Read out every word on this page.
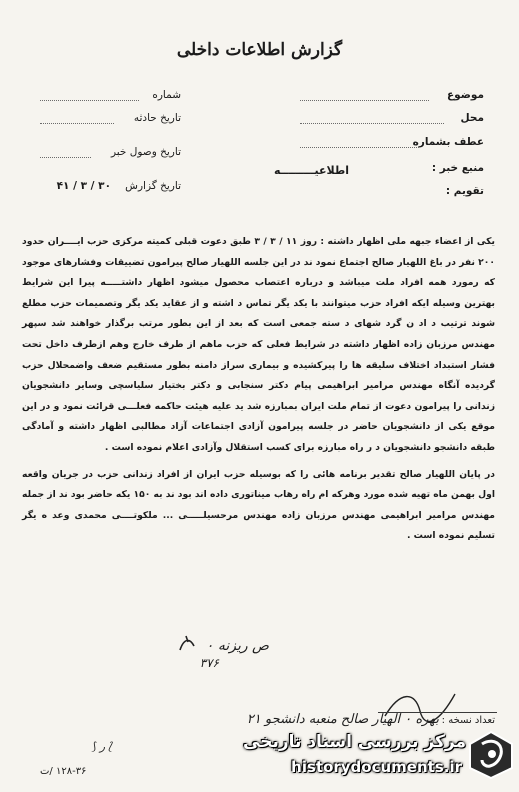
گزارش اطلاعات داخلی
موضوع
محل
عطف بشماره
منبع خبر :
اطلاعیـــــــــه
تقویم :
شماره
تاریخ حادثه
تاریخ وصول خبر
تاریخ گزارش
۳۰ / ۳ / ۴۱

یکی از اعضاء جبهه ملی اظهار داشته : روز ۱۱ / ۳ / ۳ طبق دعوت قبلی کمیته مرکزی حزب ایــــران حدود ۲۰۰ نفر در باغ اللهیار صالح اجتماع نمود ند در این جلسه اللهیار صالح پیرامون تضییقات وفشارهای موجود که رمورد همه افراد ملت میباشد و درباره اعتصاب محصول میشود اظهار داشتـــــه پیرا این شرایط بهترین وسیله ایکه افراد حزب میتوانند با یکد یگر تماس د اشته و از عقاید یکد یگر وتصمیمات حزب مطلع شوند ترتیب د اد ن گرد شهای د سته جمعی است که بعد از این بطور مرتب برگذار خواهند شد سپهر مهندس مرزبان زاده اظهار داشته در شرایط فعلی که حزب ماهم از طرف خارج وهم ازطرف داخل تحت فشار استبداد اختلاف سلیقه ها را پیرکشیده و بیماری سراز دامنه بطور مستقیم ضعف واضمحلال حزب گردیده آنگاه مهندس مرامیر ابراهیمی پیام دکتر سنجابی و دکتر بختیار سلیاسچی وسایر دانشجویان زندانی را پیرامون دعوت از تمام ملت ایران بمبارزه شد ید علیه هیئت حاکمه فعلـــی قرائت نمود و در این موقع یکی از دانشجویان حاضر در جلسه پیرامون آزادی اجتماعات آزاد مطالبی اظهار داشته و آمادگی طبقه دانشجو دانشجویان د ر راه مبارزه برای کسب استقلال وآزادی اعلام نموده است .

در پایان اللهیار صالح تقدیر برنامه هائی را که بوسیله حزب ایران از افراد زندانی حزب در جریان واقعه اول بهمن ماه تهیه شده مورد وهرکه ام راه رهاب میناتوری داده اند بود ند به ۱۵۰ یکه حاضر بود ند از جمله مهندس مرامیر ابراهیمی مهندس مرزبان زاده مهندس مرحسیلـــــی ... ملکوتــــی محمدی وعد ه یگر تسلیم نموده است .

ص ریزنه ۰
۳۷۶
بهره ۰ الهیار صالح منعبه دانشجو ۲۱ تعداد نسخه :
⟆ ر ⟅
۱۲۸-۳۶ /ت
مرکز بررسی اسناد تاریخی
historydocuments.ir
